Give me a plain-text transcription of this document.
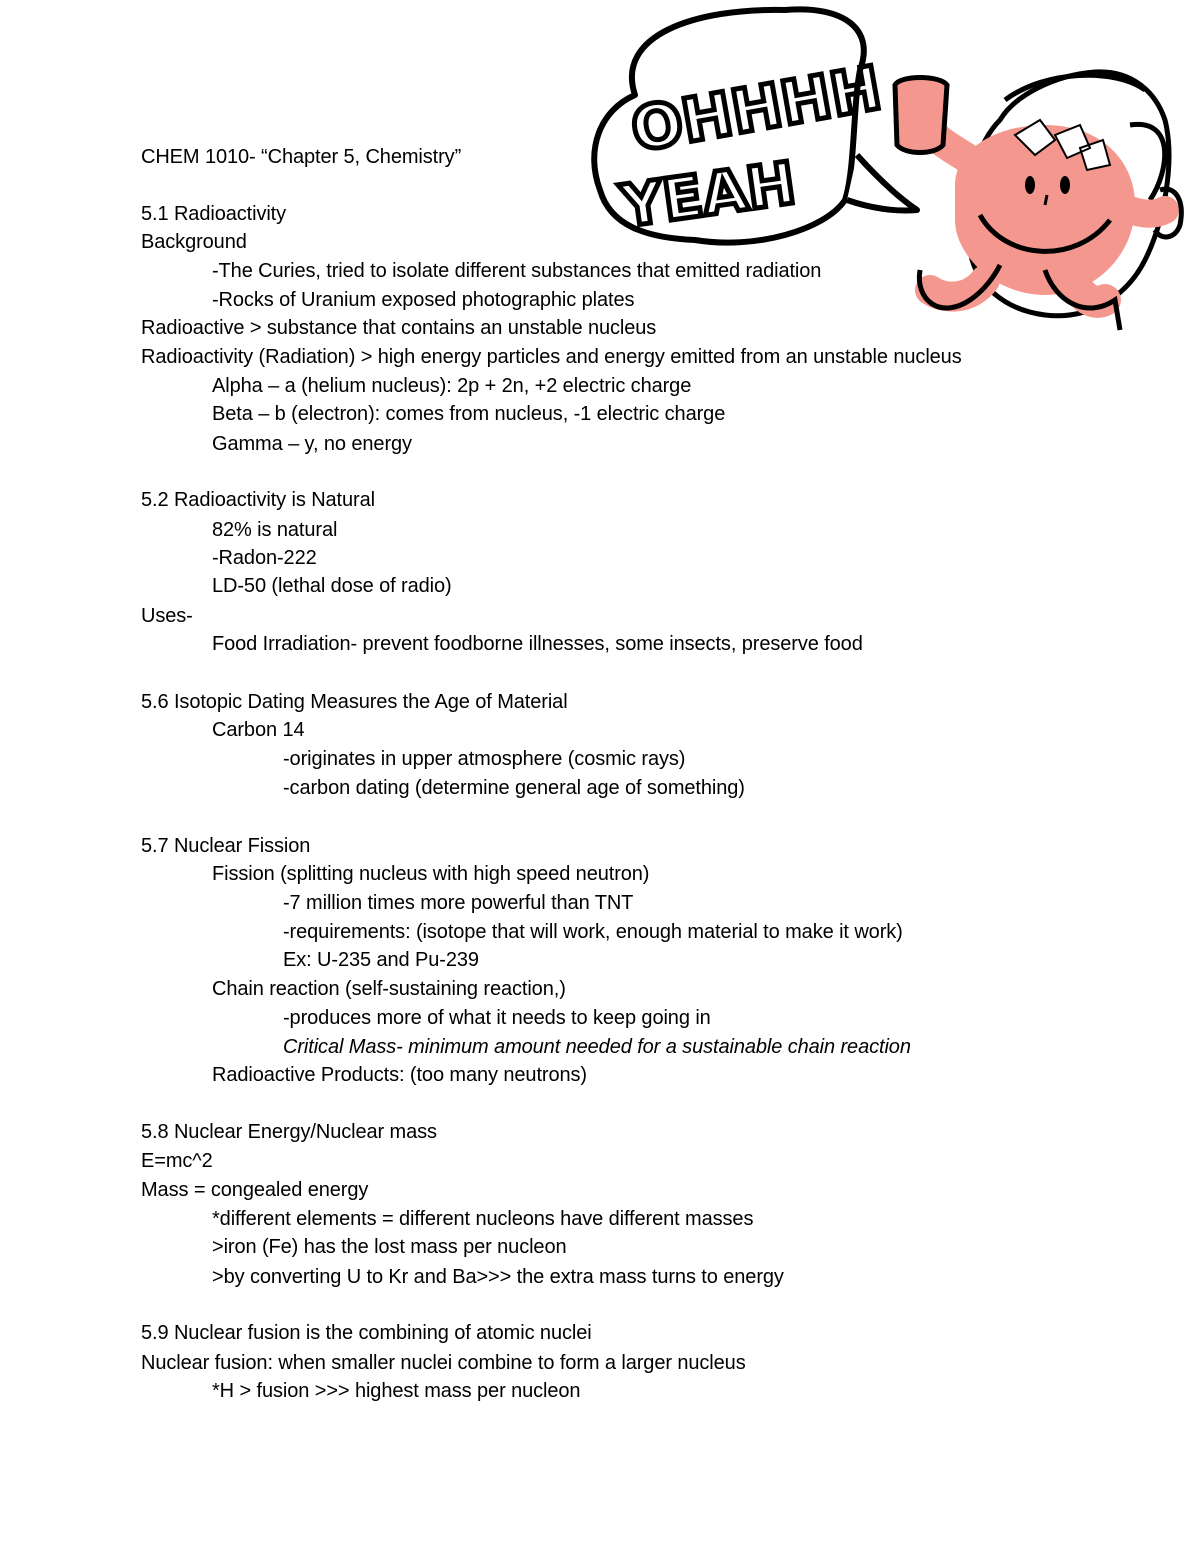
OHHHH
YEAH
CHEM 1010- “Chapter 5, Chemistry”
5.1 Radioactivity
Background
-The Curies, tried to isolate different substances that emitted radiation
-Rocks of Uranium exposed photographic plates
Radioactive > substance that contains an unstable nucleus
Radioactivity (Radiation) > high energy particles and energy emitted from an unstable nucleus
Alpha – a (helium nucleus): 2p + 2n, +2 electric charge
Beta – b (electron): comes from nucleus, -1 electric charge
Gamma – y, no energy
5.2 Radioactivity is Natural
82% is natural
-Radon-222
LD-50 (lethal dose of radio)
Uses-
Food Irradiation- prevent foodborne illnesses, some insects, preserve food
5.6 Isotopic Dating Measures the Age of Material
Carbon 14
-originates in upper atmosphere (cosmic rays)
-carbon dating (determine general age of something)
5.7 Nuclear Fission
Fission (splitting nucleus with high speed neutron)
-7 million times more powerful than TNT
-requirements: (isotope that will work, enough material to make it work)
Ex: U-235 and Pu-239
Chain reaction (self-sustaining reaction,)
-produces more of what it needs to keep going in
Critical Mass- minimum amount needed for a sustainable chain reaction
Radioactive Products: (too many neutrons)
5.8 Nuclear Energy/Nuclear mass
E=mc^2
Mass = congealed energy
*different elements = different nucleons have different masses
>iron (Fe) has the lost mass per nucleon
>by converting U to Kr and Ba>>> the extra mass turns to energy
5.9 Nuclear fusion is the combining of atomic nuclei
Nuclear fusion: when smaller nuclei combine to form a larger nucleus
*H > fusion >>> highest mass per nucleon
